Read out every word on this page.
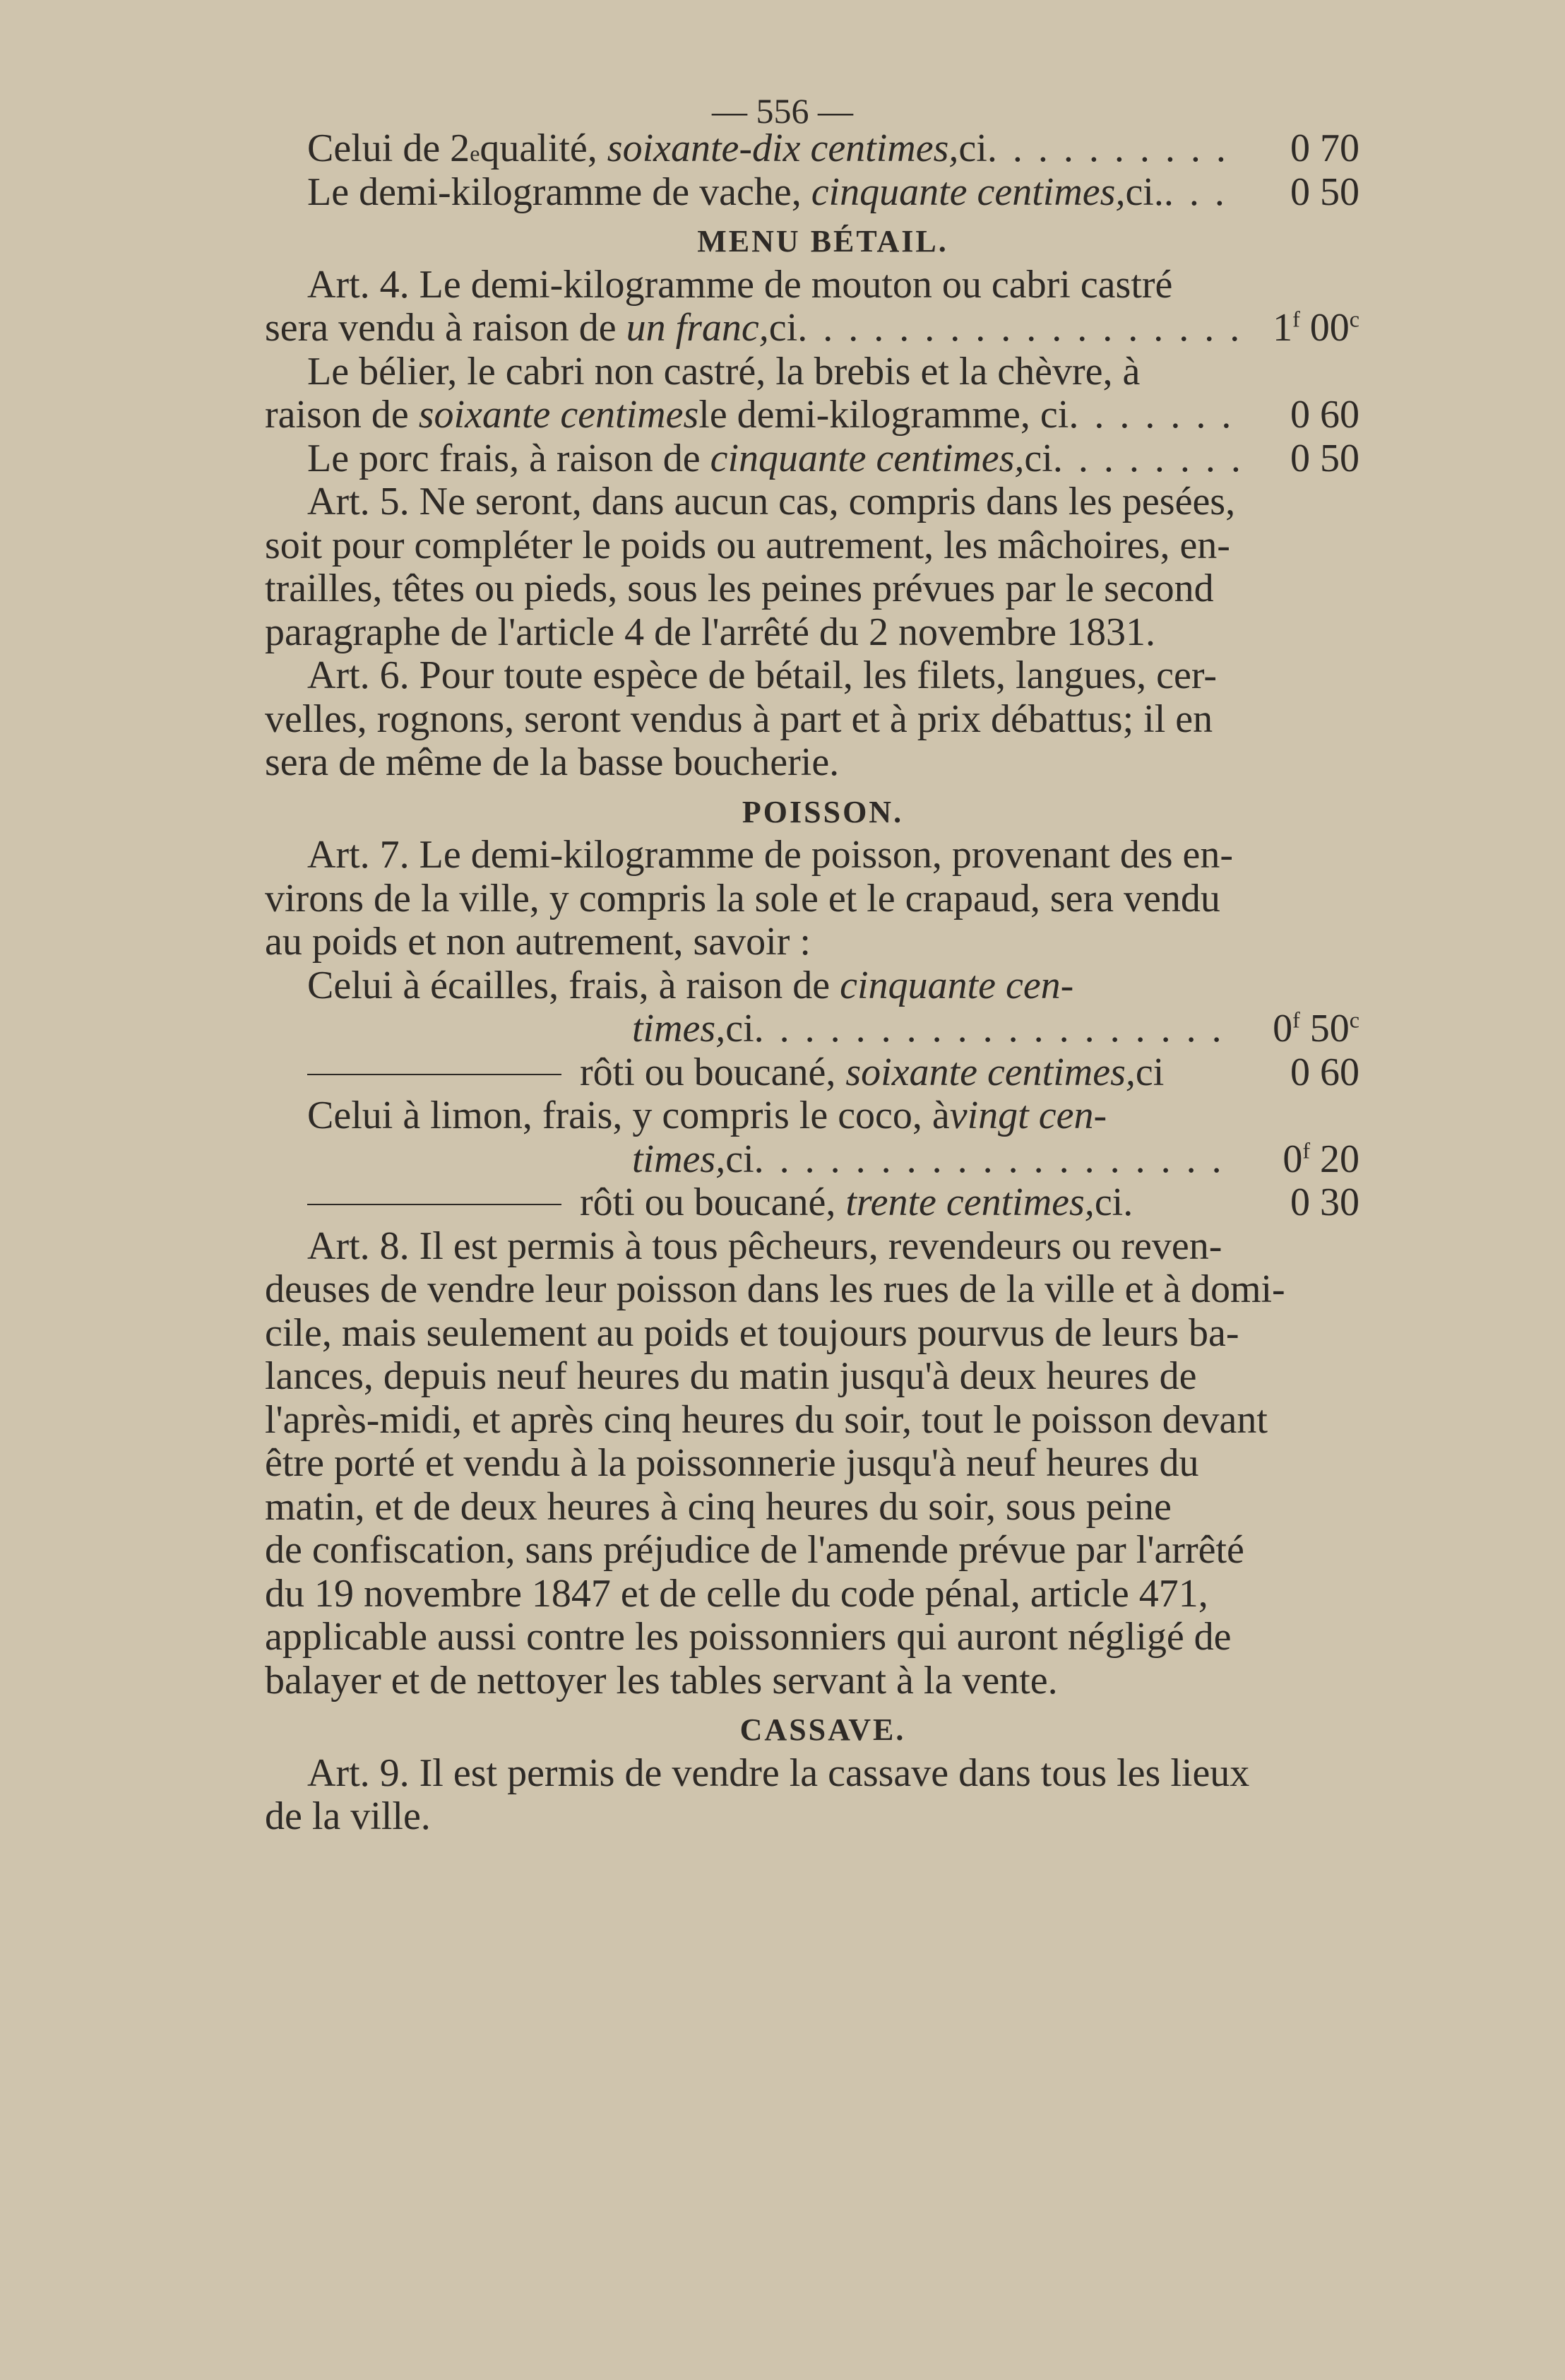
— 556 —
Celui de 2 e qualité,
soixante-dix centimes, ci . . .	0 70
Le demi-kilogramme de vache,
cinquante centimes, ci. . . .	0 50
MENU BÉTAIL.
Art. 4. Le demi-kilogramme de mouton ou cabri castré
sera vendu à raison de
un franc, ci . . .	1$^f$ 00$^c$
Le bélier, le cabri non castré, la brebis et la chèvre, à
raison de
soixante centimes le demi-kilogramme, ci . . .	0 60
Le porc frais, à raison de
cinquante centimes, ci . . .	0 50
Art. 5. Ne seront, dans aucun cas, compris dans les pesées,
soit pour compléter le poids ou autrement, les mâchoires, en-
trailles, têtes ou pieds, sous les peines prévues par le second
paragraphe de l'article 4 de l'arrêté du 2 novembre 1831.
Art. 6. Pour toute espèce de bétail, les filets, langues, cer-
velles, rognons, seront vendus à part et à prix débattus; il en
sera de même de la basse boucherie.
POISSON.
Art. 7. Le demi-kilogramme de poisson, provenant des en-
virons de la ville, y compris la sole et le crapaud, sera vendu
au poids et non autrement, savoir :
Celui à écailles, frais, à raison de
cinquante cen-
times, ci . . .	0$^f$ 50$^c$
rôti ou boucané,
soixante centimes, ci	0 60
Celui à limon, frais, y compris le coco, à vingt cen-
times, ci . . .	0$^f$ 20
rôti ou boucané,
trente centimes, ci.	0 30
Art. 8. Il est permis à tous pêcheurs, revendeurs ou reven-
deuses de vendre leur poisson dans les rues de la ville et à domi-
cile, mais seulement au poids et toujours pourvus de leurs ba-
lances, depuis neuf heures du matin jusqu'à deux heures de
l'après-midi, et après cinq heures du soir, tout le poisson devant
être porté et vendu à la poissonnerie jusqu'à neuf heures du
matin, et de deux heures à cinq heures du soir, sous peine
de confiscation, sans préjudice de l'amende prévue par l'arrêté
du 19 novembre 1847 et de celle du code pénal, article 471,
applicable aussi contre les poissonniers qui auront négligé de
balayer et de nettoyer les tables servant à la vente.
CASSAVE.
Art. 9. Il est permis de vendre la cassave dans tous les lieux
de la ville.
